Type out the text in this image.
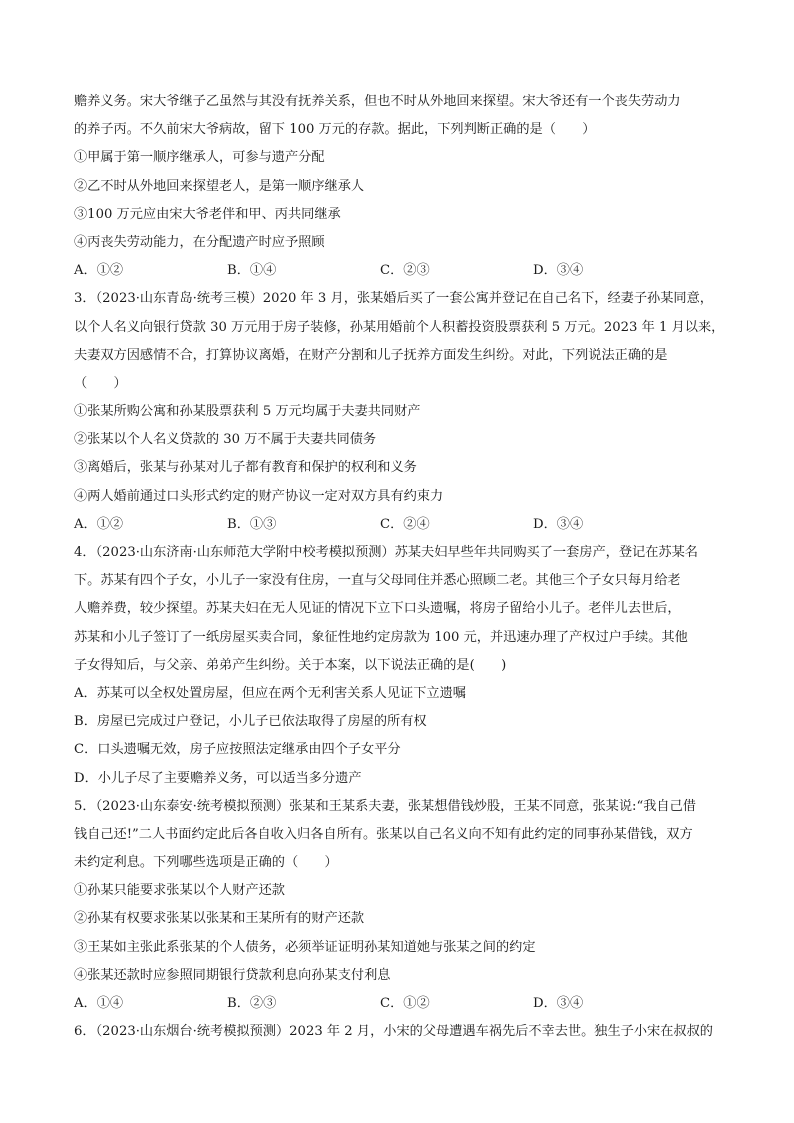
赡养义务。宋大爷继子乙虽然与其没有抚养关系，但也不时从外地回来探望。宋大爷还有一个丧失劳动力
的养子丙。不久前宋大爷病故，留下 100 万元的存款。据此，下列判断正确的是（　　）
①甲属于第一顺序继承人，可参与遗产分配
②乙不时从外地回来探望老人，是第一顺序继承人
③100 万元应由宋大爷老伴和甲、丙共同继承
④丙丧失劳动能力，在分配遗产时应予照顾
A．①②	B．①④	C．②③	D．③④
3．（2023·山东青岛·统考三模）2020 年 3 月，张某婚后买了一套公寓并登记在自己名下，经妻子孙某同意，
以个人名义向银行贷款 30 万元用于房子装修，孙某用婚前个人积蓄投资股票获利 5 万元。2023 年 1 月以来，
夫妻双方因感情不合，打算协议离婚，在财产分割和儿子抚养方面发生纠纷。对此，下列说法正确的是
（　　）
①张某所购公寓和孙某股票获利 5 万元均属于夫妻共同财产
②张某以个人名义贷款的 30 万不属于夫妻共同债务
③离婚后，张某与孙某对儿子都有教育和保护的权利和义务
④两人婚前通过口头形式约定的财产协议一定对双方具有约束力
A．①②	B．①③	C．②④	D．③④
4．（2023·山东济南·山东师范大学附中校考模拟预测）苏某夫妇早些年共同购买了一套房产，登记在苏某名
下。苏某有四个子女，小儿子一家没有住房，一直与父母同住并悉心照顾二老。其他三个子女只每月给老
人赡养费，较少探望。苏某夫妇在无人见证的情况下立下口头遗嘱，将房子留给小儿子。老伴儿去世后，
苏某和小儿子签订了一纸房屋买卖合同，象征性地约定房款为 100 元，并迅速办理了产权过户手续。其他
子女得知后，与父亲、弟弟产生纠纷。关于本案，以下说法正确的是(　　)
A．苏某可以全权处置房屋，但应在两个无利害关系人见证下立遗嘱
B．房屋已完成过户登记，小儿子已依法取得了房屋的所有权
C．口头遗嘱无效，房子应按照法定继承由四个子女平分
D．小儿子尽了主要赡养义务，可以适当多分遗产
5．（2023·山东泰安·统考模拟预测）张某和王某系夫妻，张某想借钱炒股，王某不同意，张某说:“我自己借
钱自己还!”二人书面约定此后各自收入归各自所有。张某以自己名义向不知有此约定的同事孙某借钱，双方
未约定利息。下列哪些选项是正确的（　　）
①孙某只能要求张某以个人财产还款
②孙某有权要求张某以张某和王某所有的财产还款
③王某如主张此系张某的个人债务，必须举证证明孙某知道她与张某之间的约定
④张某还款时应参照同期银行贷款利息向孙某支付利息
A．①④	B．②③	C．①②	D．③④
6．（2023·山东烟台·统考模拟预测）2023 年 2 月，小宋的父母遭遇车祸先后不幸去世。独生子小宋在叔叔的
